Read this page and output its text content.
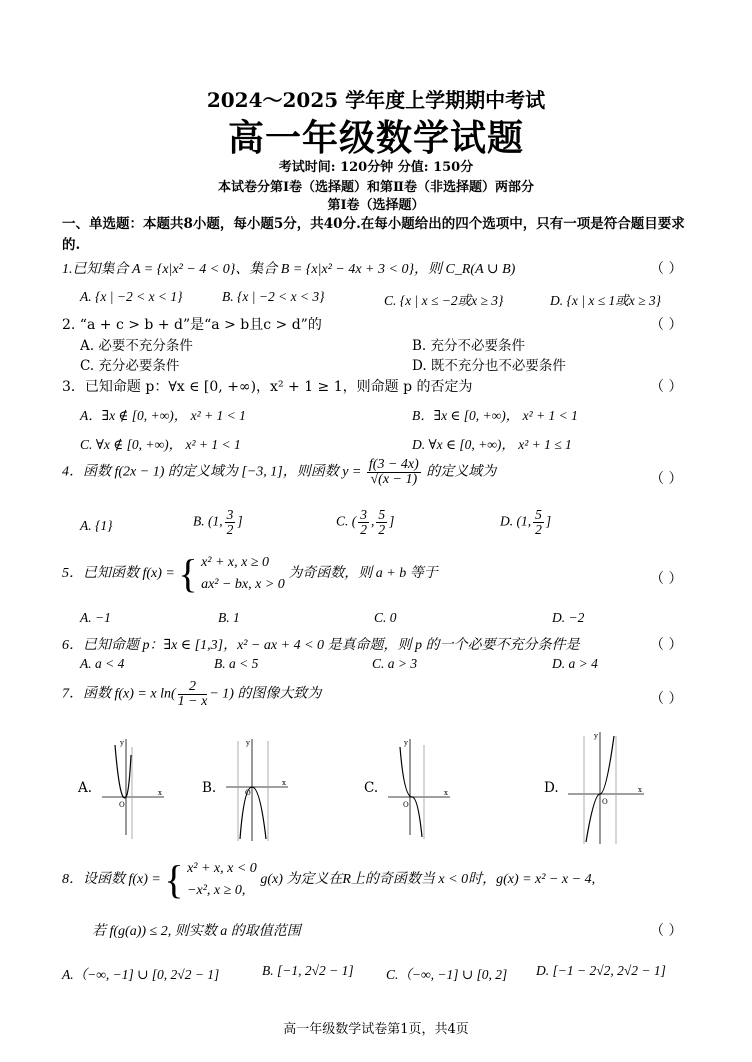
2024～2025 学年度上学期期中考试
高一年级数学试题
考试时间: 120分钟 分值: 150分
本试卷分第Ⅰ卷（选择题）和第Ⅱ卷（非选择题）两部分
第Ⅰ卷（选择题）
一、单选题：本题共8小题，每小题5分，共40分.在每小题给出的四个选项中，只有一项是符合题目要求的.
1.已知集合 A = {x|x² − 4 < 0}、集合 B = {x|x² − 4x + 3 < 0}，则 C_R(A ∪ B)	（ ）
A. {x | −2 < x < 1}	B. {x | −2 < x < 3}	C. {x | x ≤ −2或x ≥ 3}	D. {x | x ≤ 1或x ≥ 3}
2. “a + c > b + d”是“a > b且c > d”的	（ ）
A. 必要不充分条件	B. 充分不必要条件
C. 充分必要条件	D. 既不充分也不必要条件
3．已知命题 p：∀x ∈ [0, +∞)，x² + 1 ≥ 1，则命题 p 的否定为	（ ）
A．∃x ∉ [0, +∞)， x² + 1 < 1	B．∃x ∈ [0, +∞)， x² + 1 < 1
C. ∀x ∉ [0, +∞)， x² + 1 < 1	D. ∀x ∈ [0, +∞)， x² + 1 ≤ 1
4．函数 f(2x − 1) 的定义域为 [−3, 1]，则函数 $y = \frac{f(3 - 4x)}{√(x - 1)}$ 的定义域为	（ ）
A. {1}	B. (1, $\frac{3}{2}$ ]	C. ( $\frac{3}{2}$ , $\frac{5}{2}$ ]	D. (1, $\frac{5}{2}$ ]
5．已知函数 f(x) = { x² + x, x ≥ 0
ax² − bx, x > 0
为奇函数，则 a + b 等于	（ ）
A. −1	B. 1	C. 0	D. −2
6．已知命题 p：∃x ∈ [1,3]，x² − ax + 4 < 0 是真命题，则 p 的一个必要不充分条件是	（ ）
A. a < 4	B. a < 5	C. a > 3	D. a > 4
7．函数 f(x) = x $\ln( \frac{2}{1 - x} - 1)$ 的图像大致为	（ ）
A.	B.	C.	D.
y
x
O
y
x
O
y
x
O
y
x
O
8．设函数 f(x) = { x² + x, x < 0
−x², x ≥ 0,
g(x) 为定义在R上的奇函数当 x < 0时，g(x) = x² − x − 4,
若 f(g(a)) ≤ 2, 则实数 a 的取值范围	（ ）
A.（−∞, −1] ∪ [0, 2√2 − 1]	B. [−1, 2√2 − 1] C.（−∞, −1] ∪ [0, 2] D. [−1 − 2√2, 2√2 − 1]
高一年级数学试卷第1页，共4页
